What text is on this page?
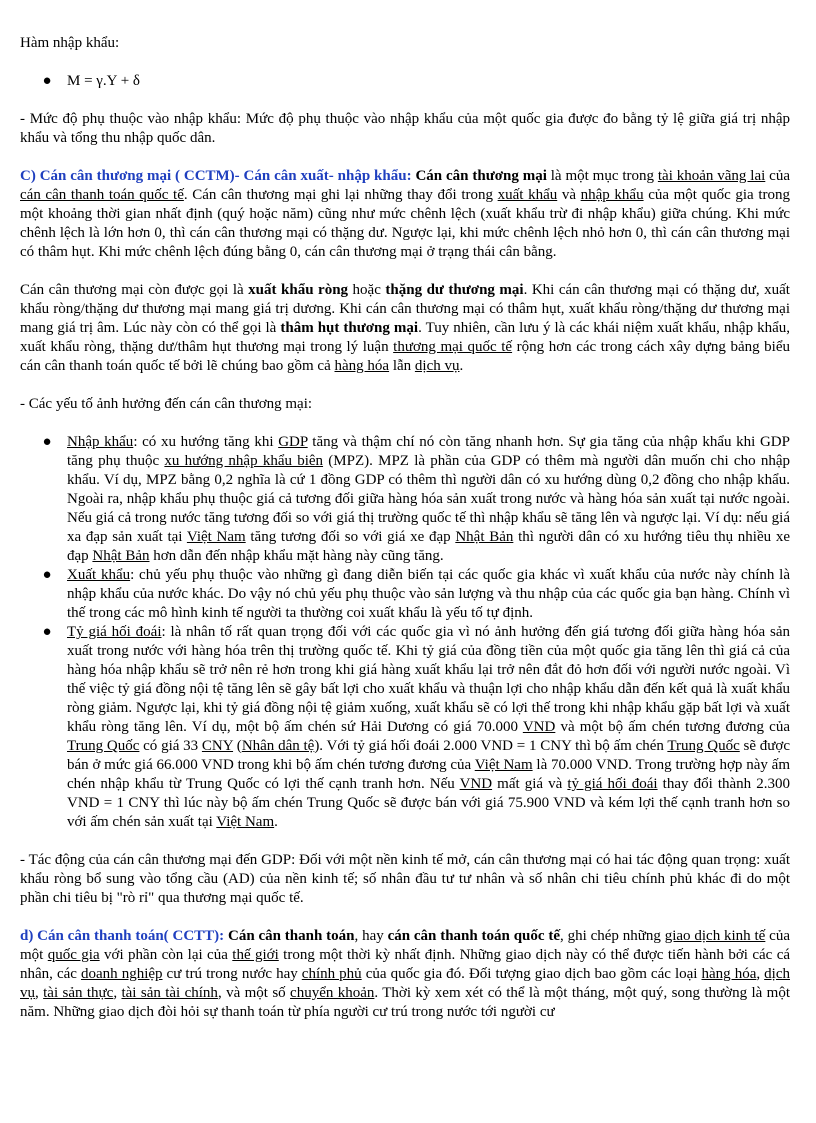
Hàm nhập khẩu:

● M = γ.Y + δ

- Mức độ phụ thuộc vào nhập khẩu: Mức độ phụ thuộc vào nhập khẩu của một quốc gia được đo bằng tỷ lệ giữa giá trị nhập khẩu và tổng thu nhập quốc dân.

C) Cán cân thương mại ( CCTM)- Cán cân xuất- nhập khẩu: Cán cân thương mại là một mục trong tài khoản vãng lai của cán cân thanh toán quốc tế. Cán cân thương mại ghi lại những thay đổi trong xuất khẩu và nhập khẩu của một quốc gia trong một khoảng thời gian nhất định (quý hoặc năm) cũng như mức chênh lệch (xuất khẩu trừ đi nhập khẩu) giữa chúng. Khi mức chênh lệch là lớn hơn 0, thì cán cân thương mại có thặng dư. Ngược lại, khi mức chênh lệch nhỏ hơn 0, thì cán cân thương mại có thâm hụt. Khi mức chênh lệch đúng bằng 0, cán cân thương mại ở trạng thái cân bằng.

Cán cân thương mại còn được gọi là xuất khẩu ròng hoặc thặng dư thương mại. Khi cán cân thương mại có thặng dư, xuất khẩu ròng/thặng dư thương mại mang giá trị dương. Khi cán cân thương mại có thâm hụt, xuất khẩu ròng/thặng dư thương mại mang giá trị âm. Lúc này còn có thể gọi là thâm hụt thương mại. Tuy nhiên, cần lưu ý là các khái niệm xuất khẩu, nhập khẩu, xuất khẩu ròng, thặng dư/thâm hụt thương mại trong lý luận thương mại quốc tế rộng hơn các trong cách xây dựng bảng biểu cán cân thanh toán quốc tế bởi lẽ chúng bao gồm cả hàng hóa lẫn dịch vụ.

- Các yếu tố ảnh hưởng đến cán cân thương mại:

● Nhập khẩu: có xu hướng tăng khi GDP tăng và thậm chí nó còn tăng nhanh hơn. Sự gia tăng của nhập khẩu khi GDP tăng phụ thuộc xu hướng nhập khẩu biên (MPZ). MPZ là phần của GDP có thêm mà người dân muốn chi cho nhập khẩu. Ví dụ, MPZ bằng 0,2 nghĩa là cứ 1 đồng GDP có thêm thì người dân có xu hướng dùng 0,2 đồng cho nhập khẩu. Ngoài ra, nhập khẩu phụ thuộc giá cả tương đối giữa hàng hóa sản xuất trong nước và hàng hóa sản xuất tại nước ngoài. Nếu giá cả trong nước tăng tương đối so với giá thị trường quốc tế thì nhập khẩu sẽ tăng lên và ngược lại. Ví dụ: nếu giá xa đạp sản xuất tại Việt Nam tăng tương đối so với giá xe đạp Nhật Bản thì người dân có xu hướng tiêu thụ nhiều xe đạp Nhật Bản hơn dẫn đến nhập khẩu mặt hàng này cũng tăng.
● Xuất khẩu: chủ yếu phụ thuộc vào những gì đang diễn biến tại các quốc gia khác vì xuất khẩu của nước này chính là nhập khẩu của nước khác. Do vậy nó chủ yếu phụ thuộc vào sản lượng và thu nhập của các quốc gia bạn hàng. Chính vì thế trong các mô hình kinh tế người ta thường coi xuất khẩu là yếu tố tự định.
● Tỷ giá hối đoái: là nhân tố rất quan trọng đối với các quốc gia vì nó ảnh hưởng đến giá tương đối giữa hàng hóa sản xuất trong nước với hàng hóa trên thị trường quốc tế. Khi tỷ giá của đồng tiền của một quốc gia tăng lên thì giá cả của hàng hóa nhập khẩu sẽ trở nên rẻ hơn trong khi giá hàng xuất khẩu lại trở nên đắt đỏ hơn đối với người nước ngoài. Vì thế việc tỷ giá đồng nội tệ tăng lên sẽ gây bất lợi cho xuất khẩu và thuận lợi cho nhập khẩu dẫn đến kết quả là xuất khẩu ròng giảm. Ngược lại, khi tỷ giá đồng nội tệ giảm xuống, xuất khẩu sẽ có lợi thế trong khi nhập khẩu gặp bất lợi và xuất khẩu ròng tăng lên. Ví dụ, một bộ ấm chén sứ Hải Dương có giá 70.000 VND và một bộ ấm chén tương đương của Trung Quốc có giá 33 CNY (Nhân dân tệ). Với tỷ giá hối đoái 2.000 VND = 1 CNY thì bộ ấm chén Trung Quốc sẽ được bán ở mức giá 66.000 VND trong khi bộ ấm chén tương đương của Việt Nam là 70.000 VND. Trong trường hợp này ấm chén nhập khẩu từ Trung Quốc có lợi thế cạnh tranh hơn. Nếu VND mất giá và tỷ giá hối đoái thay đổi thành 2.300 VND = 1 CNY thì lúc này bộ ấm chén Trung Quốc sẽ được bán với giá 75.900 VND và kém lợi thế cạnh tranh hơn so với ấm chén sản xuất tại Việt Nam.

- Tác động của cán cân thương mại đến GDP: Đối với một nền kinh tế mở, cán cân thương mại có hai tác động quan trọng: xuất khẩu ròng bổ sung vào tổng cầu (AD) của nền kinh tế; số nhân đầu tư tư nhân và số nhân chi tiêu chính phủ khác đi do một phần chi tiêu bị "rò rỉ" qua thương mại quốc tế.

d) Cán cân thanh toán( CCTT): Cán cân thanh toán, hay cán cân thanh toán quốc tế, ghi chép những giao dịch kinh tế của một quốc gia với phần còn lại của thế giới trong một thời kỳ nhất định. Những giao dịch này có thể được tiến hành bởi các cá nhân, các doanh nghiệp cư trú trong nước hay chính phủ của quốc gia đó. Đối tượng giao dịch bao gồm các loại hàng hóa, dịch vụ, tài sản thực, tài sản tài chính, và một số chuyển khoản. Thời kỳ xem xét có thể là một tháng, một quý, song thường là một năm. Những giao dịch đòi hỏi sự thanh toán từ phía người cư trú trong nước tới người cư
